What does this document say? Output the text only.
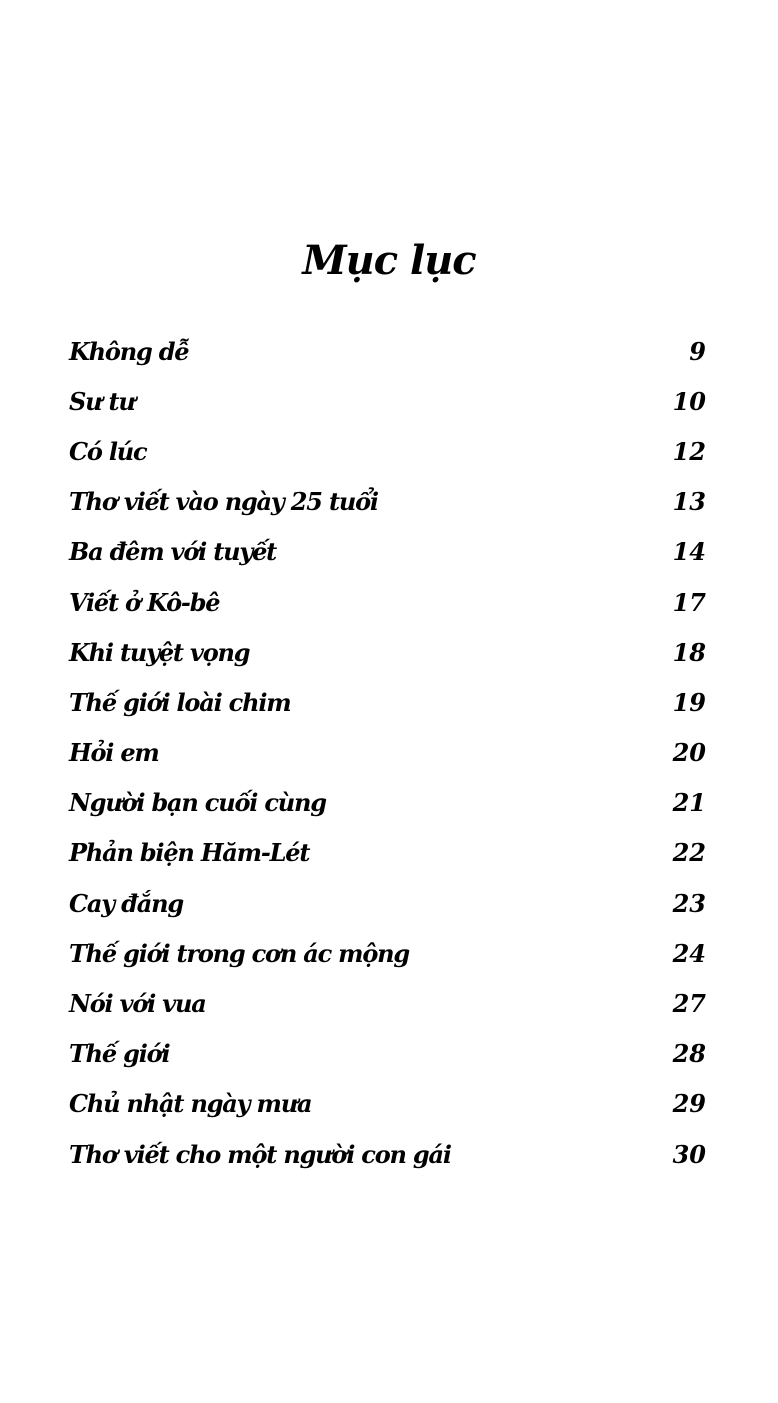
Mục lục
Không dễ	9
Sư tư	10
Có lúc	12
Thơ viết vào ngày 25 tuổi	13
Ba đêm với tuyết	14
Viết ở Kô-bê	17
Khi tuyệt vọng	18
Thế giới loài chim	19
Hỏi em	20
Người bạn cuối cùng	21
Phản biện Hăm-Lét	22
Cay đắng	23
Thế giới trong cơn ác mộng	24
Nói với vua	27
Thế giới	28
Chủ nhật ngày mưa	29
Thơ viết cho một người con gái	30
